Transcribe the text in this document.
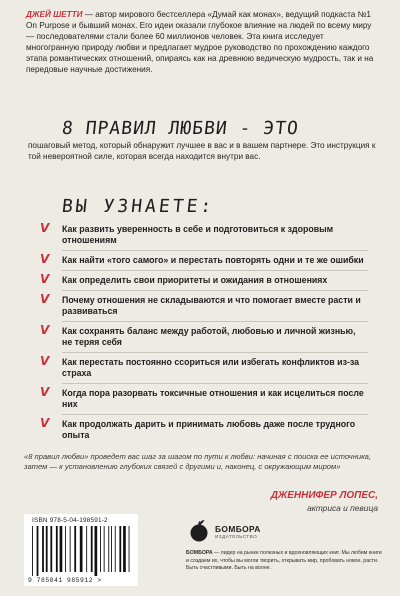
ДЖЕЙ ШЕТТИ — автор мирового бестселлера «Думай как монах», ведущий подкаста №1 On Purpose и бывший монах. Его идеи оказали глубокое влияние на людей по всему миру — последователями стали более 60 миллионов человек. Эта книга исследует многогранную природу любви и предлагает мудрое руководство по прохождению каждого этапа романтических отношений, опираясь как на древнюю ведическую мудрость, так и на передовые научные достижения.

8 ПРАВИЛ ЛЮБВИ - ЭТО

пошаговый метод, который обнаружит лучшее в вас и в вашем партнере. Это инструкция к той невероятной силе, которая всегда находится внутри вас.

ВЫ УЗНАЕТЕ:
V Как развить уверенность в себе и подготовиться к здоровым отношениям
V Как найти «того самого» и перестать повторять одни и те же ошибки
V Как определить свои приоритеты и ожидания в отношениях
V Почему отношения не складываются и что помогает вместе расти и развиваться
V Как сохранять баланс между работой, любовью и личной жизнью, не теряя себя
V Как перестать постоянно ссориться или избегать конфликтов из-за страха
V Когда пора разорвать токсичные отношения и как исцелиться после них
V Как продолжать дарить и принимать любовь даже после трудного опыта

«8 правил любви» проведет вас шаг за шагом по пути к любви: начиная с поиска ее источника, затем — к установлению глубоких связей с другими и, наконец, с окружающим миром»

ДЖЕННИФЕР ЛОПЕС,
актриса и певица
ISBN 978-5-04-198591-2
9 785041 985912 >
БОМБОРА
ИЗДАТЕЛЬСТВО

БОМБОРА — лидер на рынке полезных и вдохновляющих книг. Мы любим книги и создаем их, чтобы вы могли творить, открывать мир, пробовать новое, расти. Быть счастливыми. Быть на волне.
